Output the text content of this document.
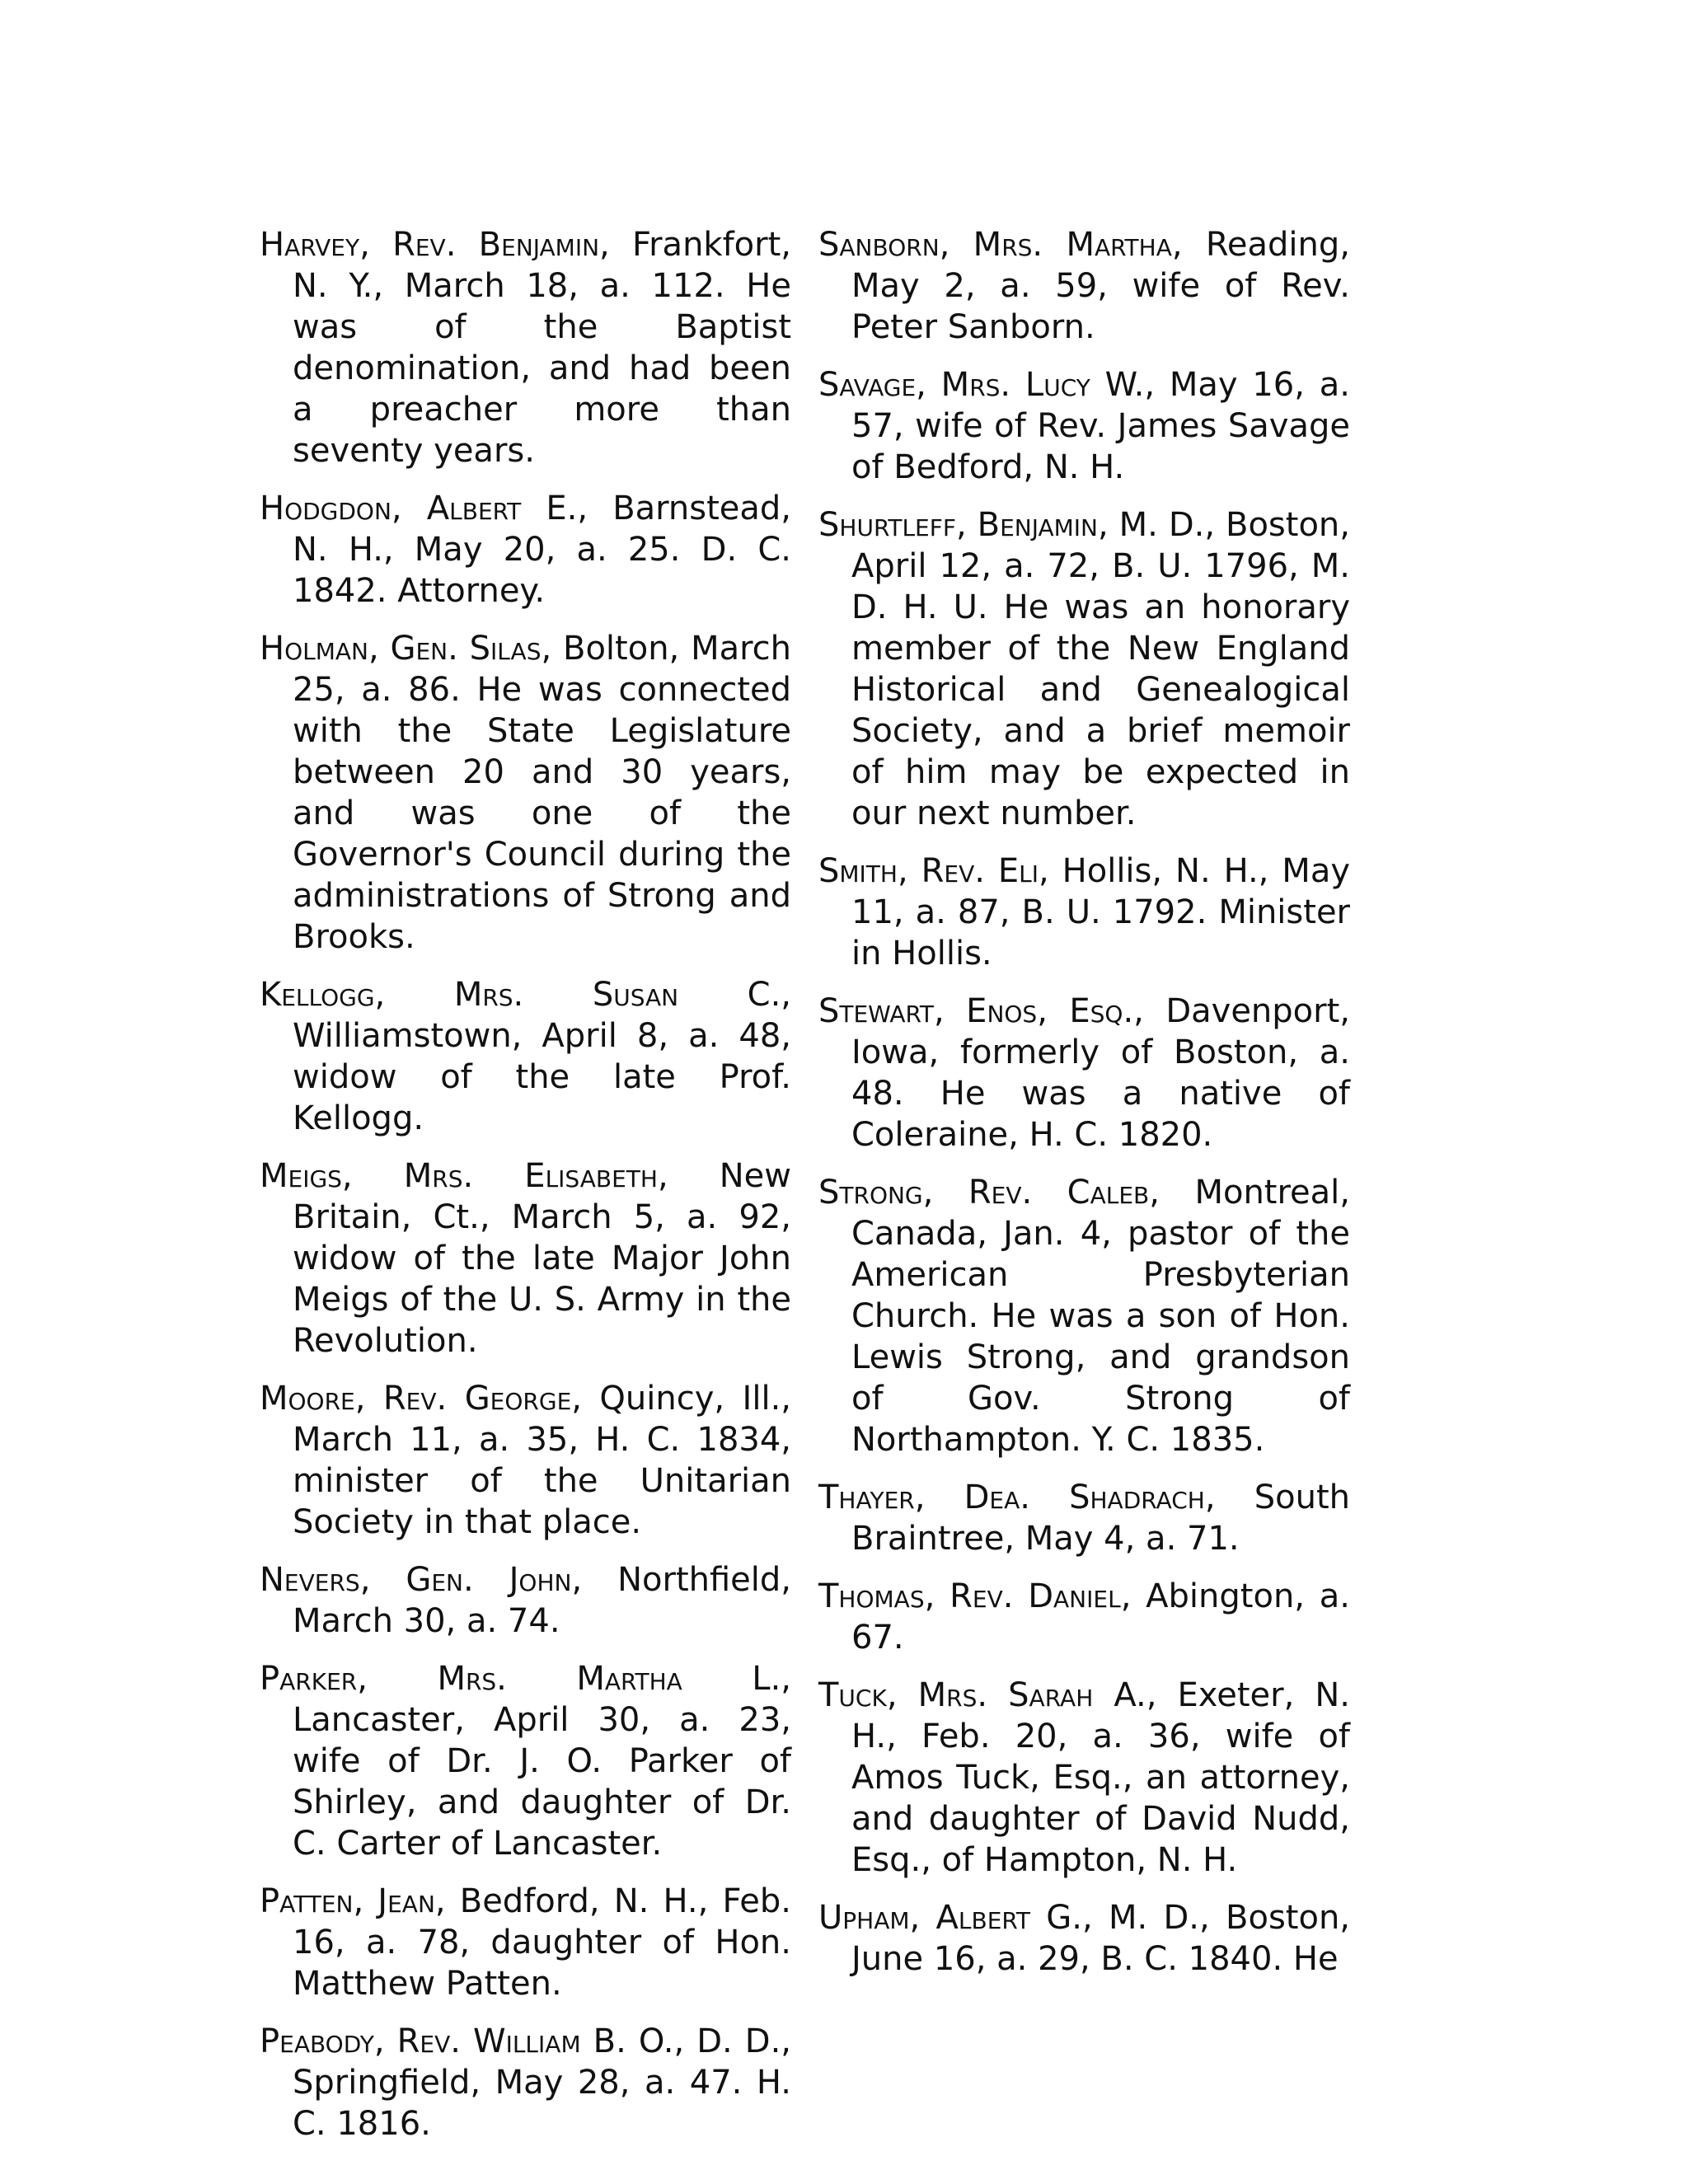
Harvey, Rev. Benjamin, Frankfort, N. Y., March 18, a. 112. He was of the Baptist denomination, and had been a preacher more than seventy years.

Hodgdon, Albert E., Barnstead, N. H., May 20, a. 25. D. C. 1842. Attorney.

Holman, Gen. Silas, Bolton, March 25, a. 86. He was connected with the State Legislature between 20 and 30 years, and was one of the Governor's Council during the administrations of Strong and Brooks.

Kellogg, Mrs. Susan C., Williamstown, April 8, a. 48, widow of the late Prof. Kellogg.

Meigs, Mrs. Elisabeth, New Britain, Ct., March 5, a. 92, widow of the late Major John Meigs of the U. S. Army in the Revolution.

Moore, Rev. George, Quincy, Ill., March 11, a. 35, H. C. 1834, minister of the Unitarian Society in that place.

Nevers, Gen. John, Northfield, March 30, a. 74.

Parker, Mrs. Martha L., Lancaster, April 30, a. 23, wife of Dr. J. O. Parker of Shirley, and daughter of Dr. C. Carter of Lancaster.

Patten, Jean, Bedford, N. H., Feb. 16, a. 78, daughter of Hon. Matthew Patten.

Peabody, Rev. William B. O., D. D., Springfield, May 28, a. 47. H. C. 1816.

Sanborn, Mrs. Martha, Reading, May 2, a. 59, wife of Rev. Peter Sanborn.

Savage, Mrs. Lucy W., May 16, a. 57, wife of Rev. James Savage of Bedford, N. H.

Shurtleff, Benjamin, M. D., Boston, April 12, a. 72, B. U. 1796, M. D. H. U. He was an honorary member of the New England Historical and Genealogical Society, and a brief memoir of him may be expected in our next number.

Smith, Rev. Eli, Hollis, N. H., May 11, a. 87, B. U. 1792. Minister in Hollis.

Stewart, Enos, Esq., Davenport, Iowa, formerly of Boston, a. 48. He was a native of Coleraine, H. C. 1820.

Strong, Rev. Caleb, Montreal, Canada, Jan. 4, pastor of the American Presbyterian Church. He was a son of Hon. Lewis Strong, and grandson of Gov. Strong of Northampton. Y. C. 1835.

Thayer, Dea. Shadrach, South Braintree, May 4, a. 71.

Thomas, Rev. Daniel, Abington, a. 67.

Tuck, Mrs. Sarah A., Exeter, N. H., Feb. 20, a. 36, wife of Amos Tuck, Esq., an attorney, and daughter of David Nudd, Esq., of Hampton, N. H.

Upham, Albert G., M. D., Boston, June 16, a. 29, B. C. 1840. He
